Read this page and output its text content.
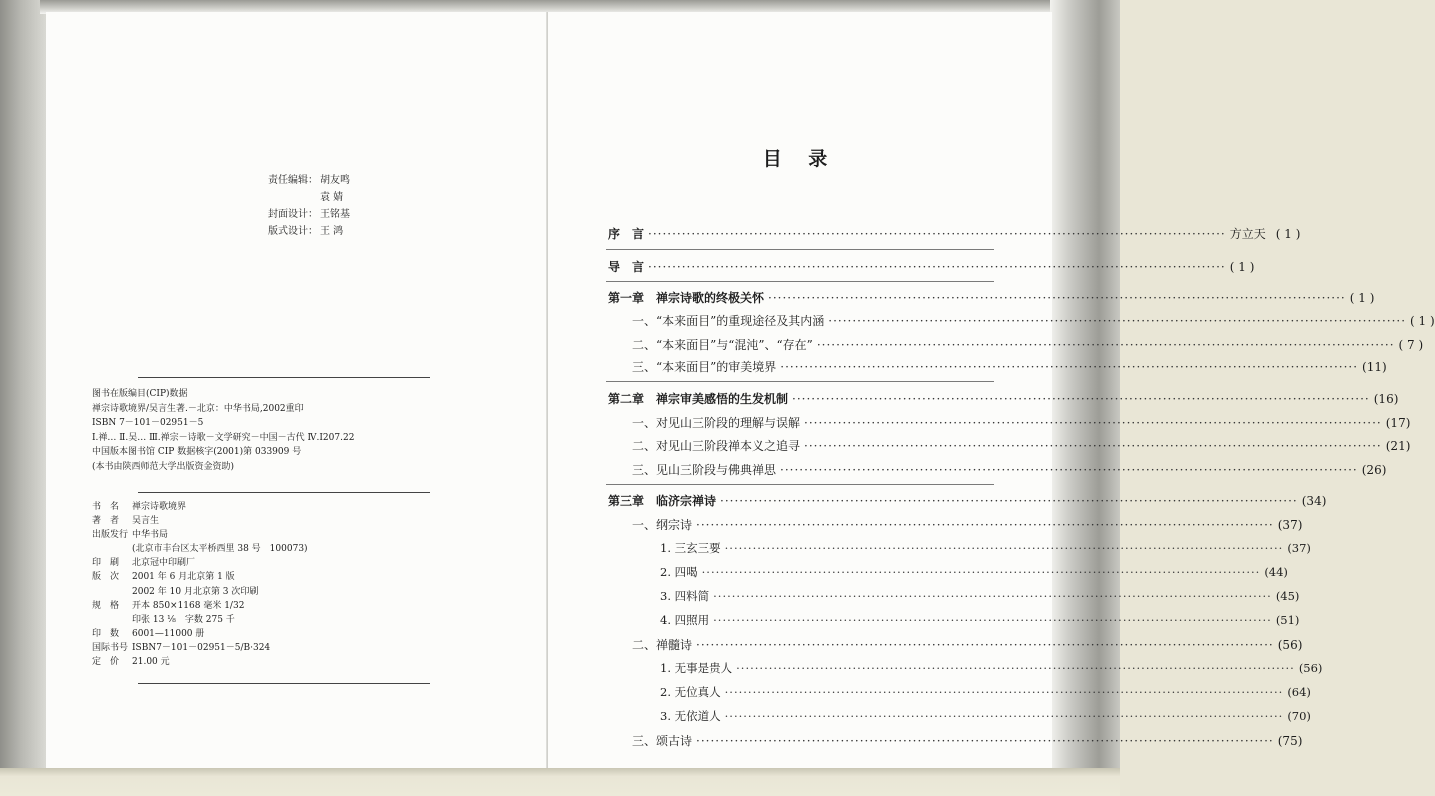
责任编辑： 胡友鸣
袁 婧
封面设计： 王铭基
版式设计： 王 鸿
图书在版编目(CIP)数据
禅宗诗歌境界/吴言生著.－北京：中华书局,2002重印
ISBN 7－101－02951－5
Ⅰ.禅… Ⅱ.吴… Ⅲ.禅宗－诗歌－文学研究－中国－古代 Ⅳ.I207.22
中国版本图书馆 CIP 数据核字(2001)第 033909 号
(本书由陕西师范大学出版资金资助)
书　名 禅宗诗歌境界
著　者 吴言生
出版发行 中华书局
(北京市丰台区太平桥西里 38 号　100073)
印　刷 北京冠中印刷厂
版　次 2001 年 6 月北京第 1 版
2002 年 10 月北京第 3 次印刷
规　格 开本 850×1168 毫米 1/32
印张 13 ⅛　字数 275 千
印　数 6001—11000 册
国际书号 ISBN7－101－02951－5/B·324
定　价 21.00 元
目 录
序　言 ························································································································ 方立天 ( 1 )
导　言 ························································································································ ( 1 )
第一章　禅宗诗歌的终极关怀 ························································································································ ( 1 )
一、“本来面目”的重现途径及其内涵 ························································································································ ( 1 )
二、“本来面目”与“混沌”、“存在” ························································································································ ( 7 )
三、“本来面目”的审美境界 ························································································································ (11)
第二章　禅宗审美感悟的生发机制 ························································································································ (16)
一、对见山三阶段的理解与误解 ························································································································ (17)
二、对见山三阶段禅本义之追寻 ························································································································ (21)
三、见山三阶段与佛典禅思 ························································································································ (26)
第三章　临济宗禅诗 ························································································································ (34)
一、纲宗诗 ························································································································ (37)
1. 三玄三要 ························································································································ (37)
2. 四喝 ························································································································ (44)
3. 四料简 ························································································································ (45)
4. 四照用 ························································································································ (51)
二、禅髓诗 ························································································································ (56)
1. 无事是贵人 ························································································································ (56)
2. 无位真人 ························································································································ (64)
3. 无依道人 ························································································································ (70)
三、颂古诗 ························································································································ (75)
